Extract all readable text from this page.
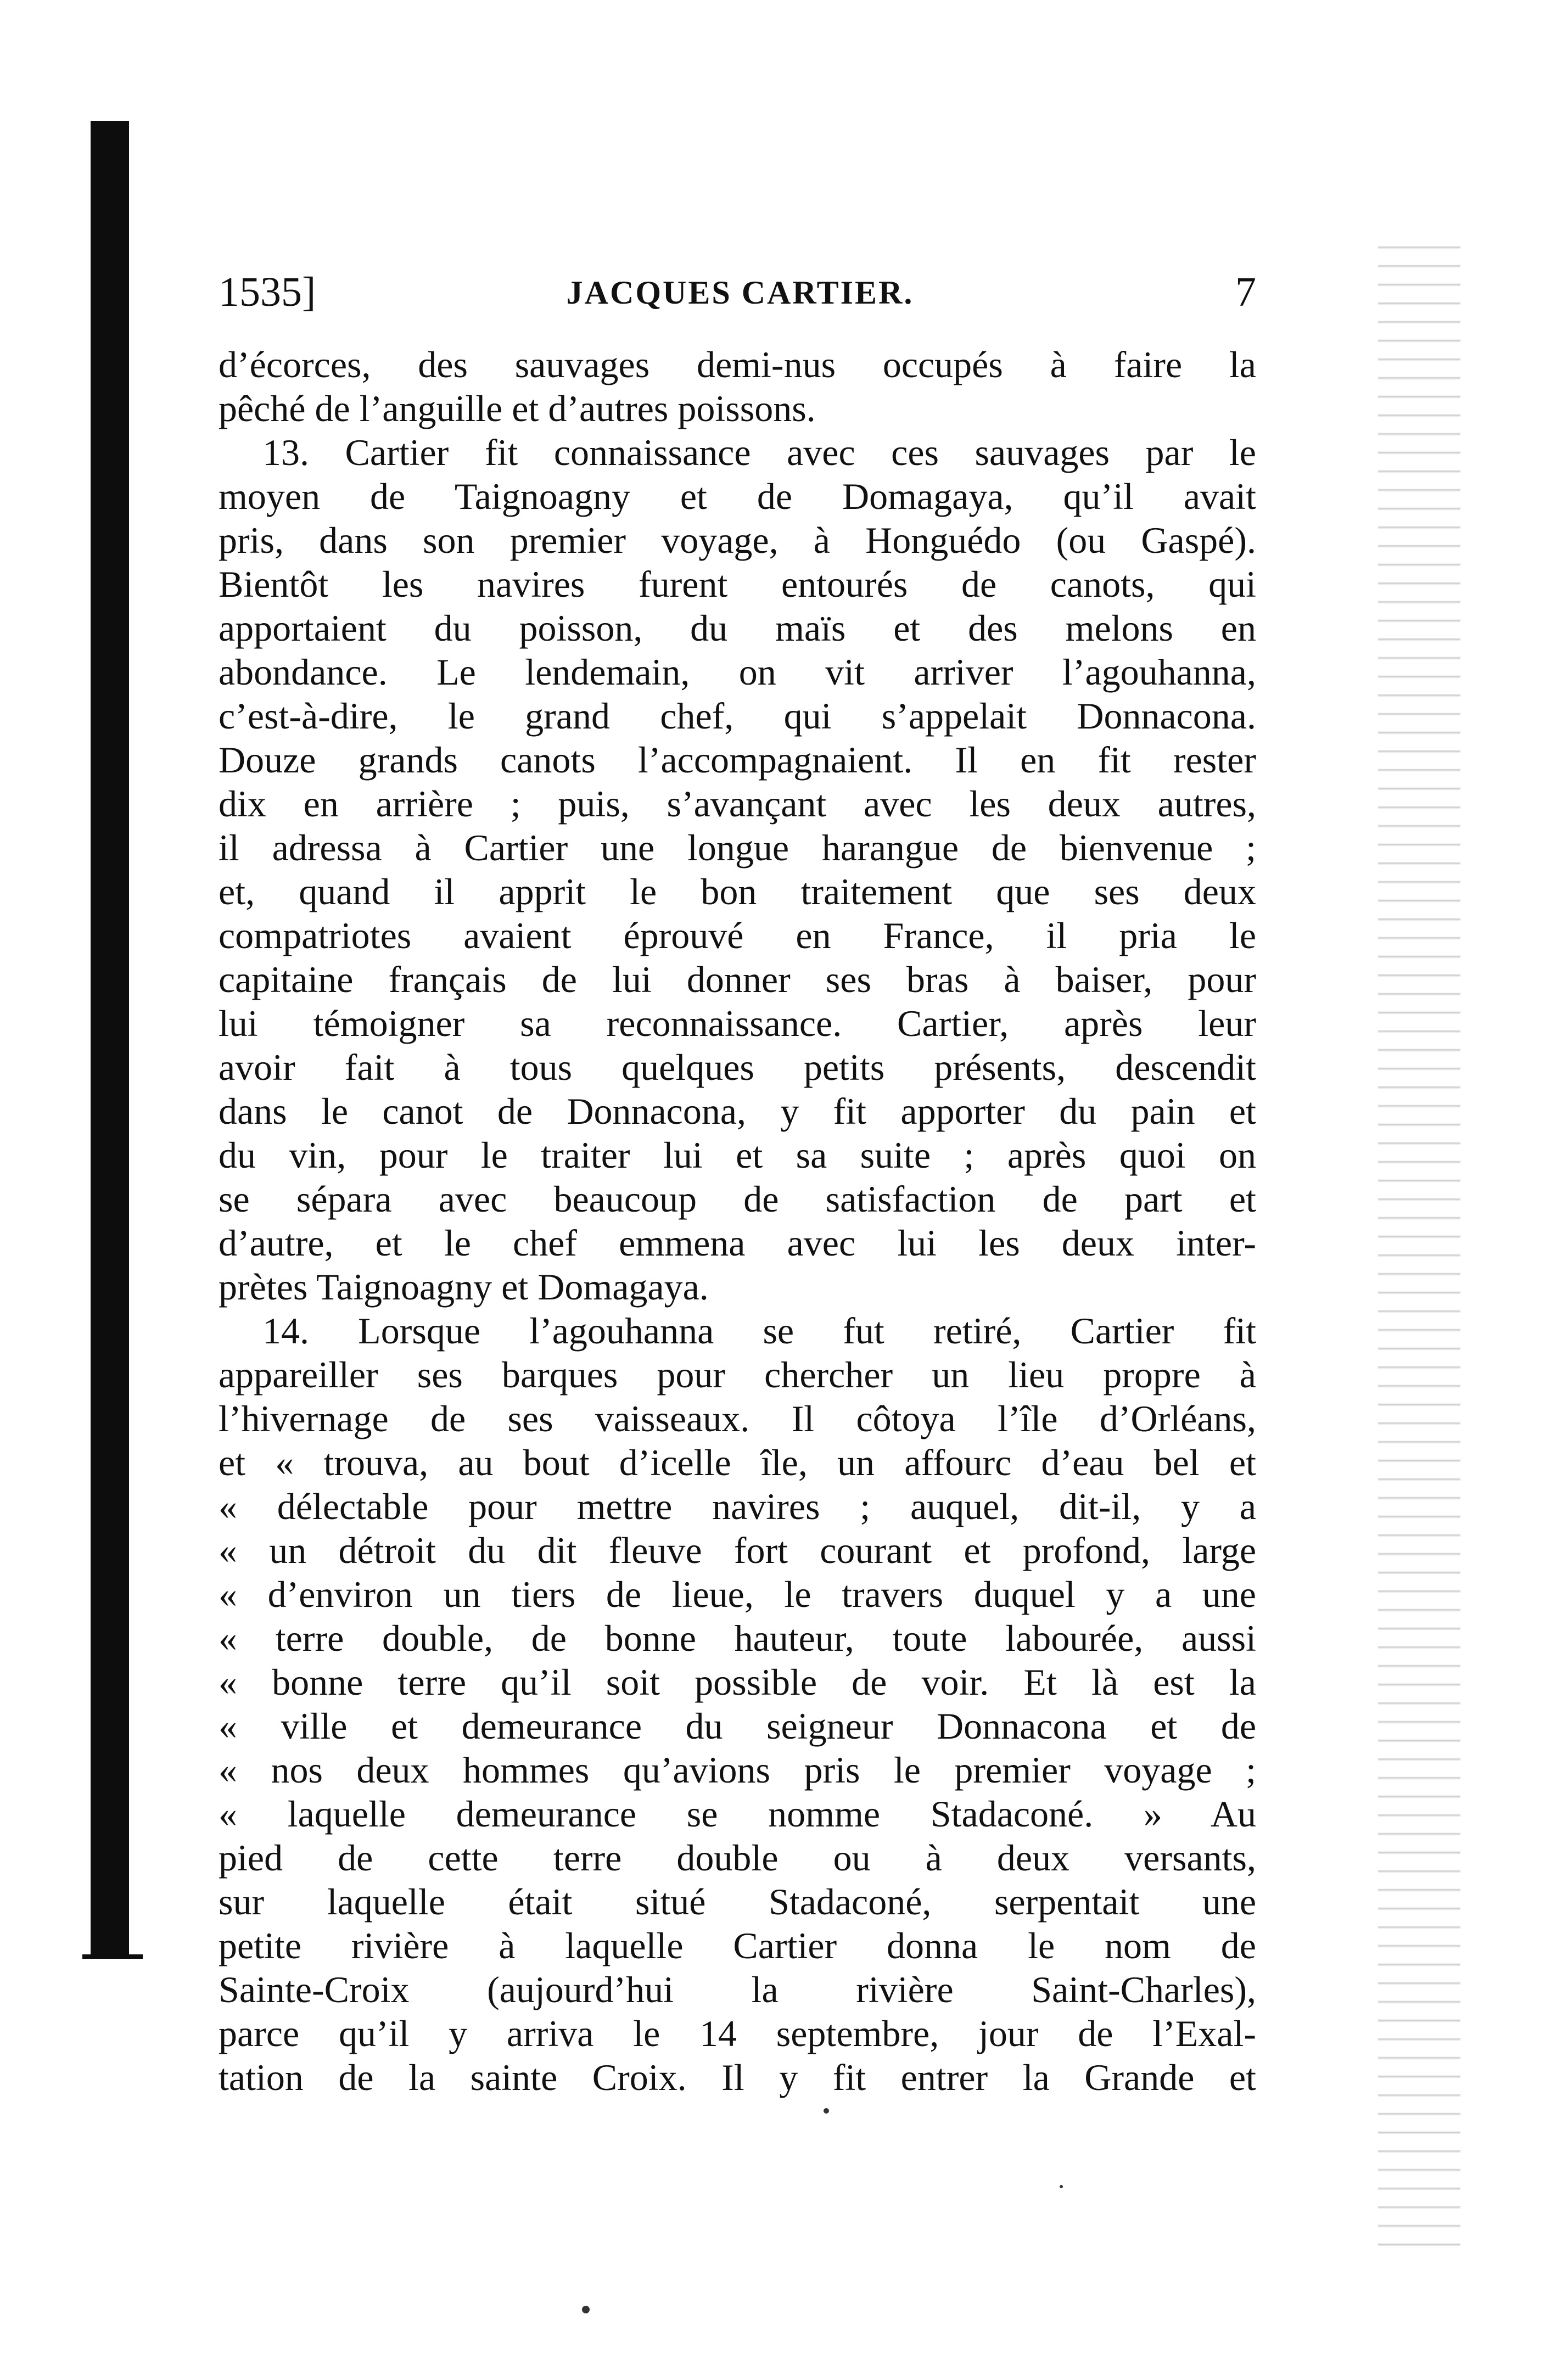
1535]	JACQUES CARTIER.	7
d’écorces, des sauvages demi-nus occupés à faire la
pêché de l’anguille et d’autres poissons.
13. Cartier fit connaissance avec ces sauvages par le
moyen de Taignoagny et de Domagaya, qu’il avait
pris, dans son premier voyage, à Honguédo (ou Gaspé).
Bientôt les navires furent entourés de canots, qui
apportaient du poisson, du maïs et des melons en
abondance. Le lendemain, on vit arriver l’agouhanna,
c’est-à-dire, le grand chef, qui s’appelait Donnacona.
Douze grands canots l’accompagnaient. Il en fit rester
dix en arrière ; puis, s’avançant avec les deux autres,
il adressa à Cartier une longue harangue de bienvenue ;
et, quand il apprit le bon traitement que ses deux
compatriotes avaient éprouvé en France, il pria le
capitaine français de lui donner ses bras à baiser, pour
lui témoigner sa reconnaissance. Cartier, après leur
avoir fait à tous quelques petits présents, descendit
dans le canot de Donnacona, y fit apporter du pain et
du vin, pour le traiter lui et sa suite ; après quoi on
se sépara avec beaucoup de satisfaction de part et
d’autre, et le chef emmena avec lui les deux inter-
prètes Taignoagny et Domagaya.
14. Lorsque l’agouhanna se fut retiré, Cartier fit
appareiller ses barques pour chercher un lieu propre à
l’hivernage de ses vaisseaux. Il côtoya l’île d’Orléans,
et « trouva, au bout d’icelle île, un affourc d’eau bel et
« délectable pour mettre navires ; auquel, dit-il, y a
« un détroit du dit fleuve fort courant et profond, large
« d’environ un tiers de lieue, le travers duquel y a une
« terre double, de bonne hauteur, toute labourée, aussi
« bonne terre qu’il soit possible de voir. Et là est la
« ville et demeurance du seigneur Donnacona et de
« nos deux hommes qu’avions pris le premier voyage ;
« laquelle demeurance se nomme Stadaconé. » Au
pied de cette terre double ou à deux versants,
sur laquelle était situé Stadaconé, serpentait une
petite rivière à laquelle Cartier donna le nom de
Sainte-Croix (aujourd’hui la rivière Saint-Charles),
parce qu’il y arriva le 14 septembre, jour de l’Exal-
tation de la sainte Croix. Il y fit entrer la Grande et
